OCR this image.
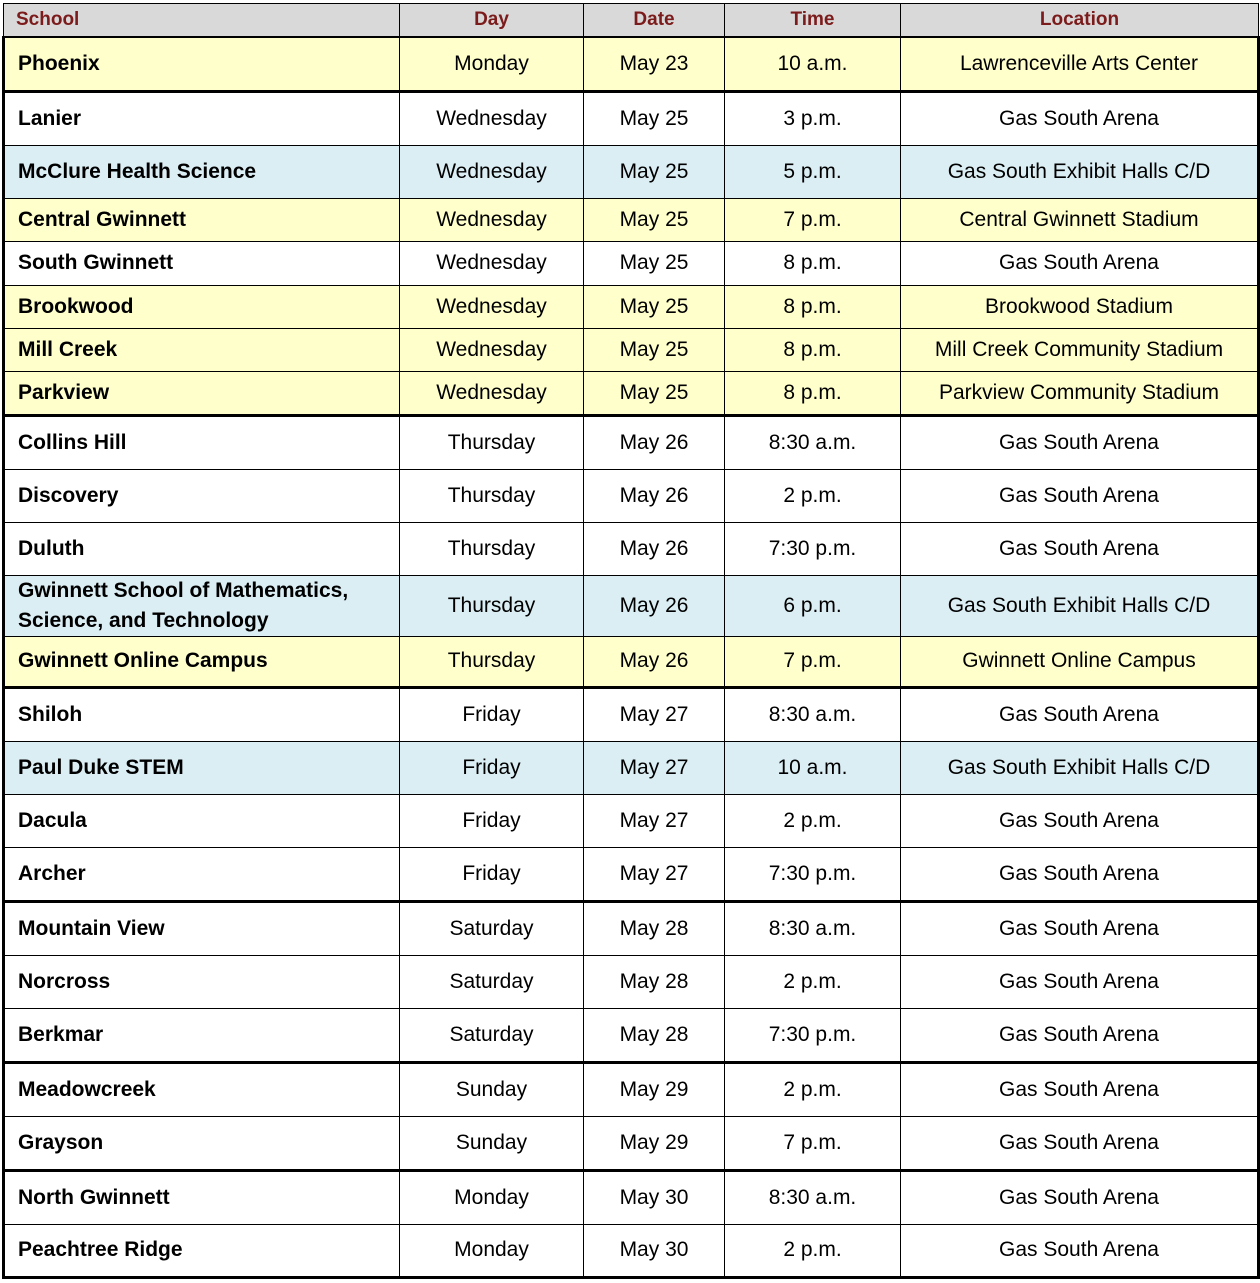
School	Day	Date	Time	Location
Phoenix	Monday	May 23	10 a.m.	Lawrenceville Arts Center
Lanier	Wednesday	May 25	3 p.m.	Gas South Arena
McClure Health Science	Wednesday	May 25	5 p.m.	Gas South Exhibit Halls C/D
Central Gwinnett	Wednesday	May 25	7 p.m.	Central Gwinnett Stadium
South Gwinnett	Wednesday	May 25	8 p.m.	Gas South Arena
Brookwood	Wednesday	May 25	8 p.m.	Brookwood Stadium
Mill Creek	Wednesday	May 25	8 p.m.	Mill Creek Community Stadium
Parkview	Wednesday	May 25	8 p.m.	Parkview Community Stadium
Collins Hill	Thursday	May 26	8:30 a.m.	Gas South Arena
Discovery	Thursday	May 26	2 p.m.	Gas South Arena
Duluth	Thursday	May 26	7:30 p.m.	Gas South Arena
Gwinnett School of Mathematics, Science, and Technology	Thursday	May 26	6 p.m.	Gas South Exhibit Halls C/D
Gwinnett Online Campus	Thursday	May 26	7 p.m.	Gwinnett Online Campus
Shiloh	Friday	May 27	8:30 a.m.	Gas South Arena
Paul Duke STEM	Friday	May 27	10 a.m.	Gas South Exhibit Halls C/D
Dacula	Friday	May 27	2 p.m.	Gas South Arena
Archer	Friday	May 27	7:30 p.m.	Gas South Arena
Mountain View	Saturday	May 28	8:30 a.m.	Gas South Arena
Norcross	Saturday	May 28	2 p.m.	Gas South Arena
Berkmar	Saturday	May 28	7:30 p.m.	Gas South Arena
Meadowcreek	Sunday	May 29	2 p.m.	Gas South Arena
Grayson	Sunday	May 29	7 p.m.	Gas South Arena
North Gwinnett	Monday	May 30	8:30 a.m.	Gas South Arena
Peachtree Ridge	Monday	May 30	2 p.m.	Gas South Arena
